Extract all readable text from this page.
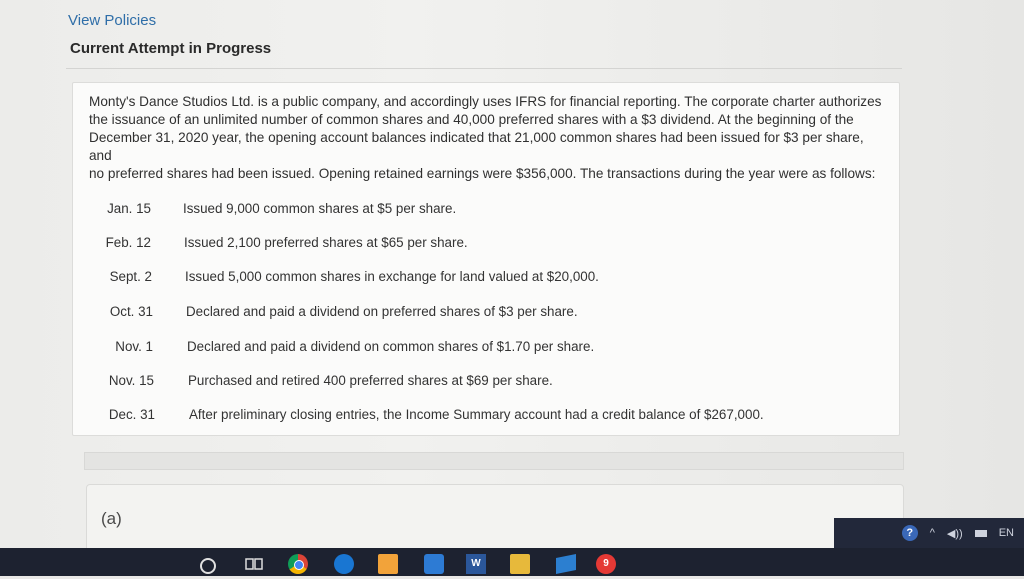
View Policies
Current Attempt in Progress
Monty's Dance Studios Ltd. is a public company, and accordingly uses IFRS for financial reporting. The corporate charter authorizes
the issuance of an unlimited number of common shares and 40,000 preferred shares with a $3 dividend. At the beginning of the
December 31, 2020 year, the opening account balances indicated that 21,000 common shares had been issued for $3 per share, and
no preferred shares had been issued. Opening retained earnings were $356,000. The transactions during the year were as follows:
Jan. 15 Issued 9,000 common shares at $5 per share.
Feb. 12 Issued 2,100 preferred shares at $65 per share.
Sept. 2 Issued 5,000 common shares in exchange for land valued at $20,000.
Oct. 31 Declared and paid a dividend on preferred shares of $3 per share.
Nov. 1	Declared and paid a dividend on common shares of $1.70 per share.
Nov. 15	Purchased and retired 400 preferred shares at $69 per share.
Dec. 31	After preliminary closing entries, the Income Summary account had a credit balance of $267,000.
(a)
?	^ ◀))	EN
W	9
